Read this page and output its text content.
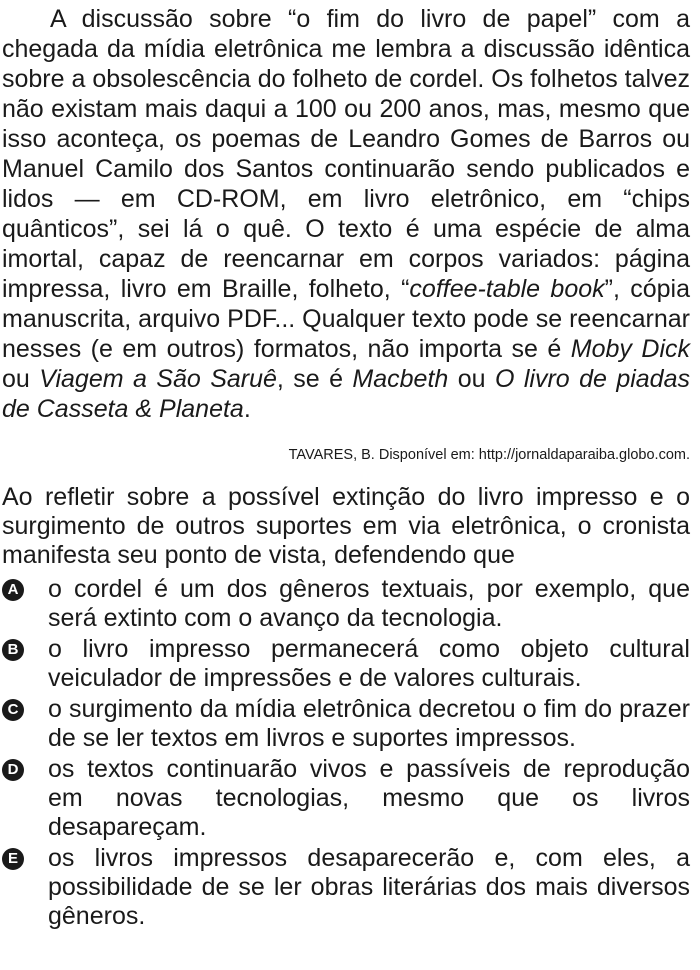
A discussão sobre “o fim do livro de papel” com a chegada da mídia eletrônica me lembra a discussão idêntica sobre a obsolescência do folheto de cordel. Os folhetos talvez não existam mais daqui a 100 ou 200 anos, mas, mesmo que isso aconteça, os poemas de Leandro Gomes de Barros ou Manuel Camilo dos Santos continuarão sendo publicados e lidos — em CD-ROM, em livro eletrônico, em “chips quânticos”, sei lá o quê. O texto é uma espécie de alma imortal, capaz de reencarnar em corpos variados: página impressa, livro em Braille, folheto, “coffee-table book”, cópia manuscrita, arquivo PDF... Qualquer texto pode se reencarnar nesses (e em outros) formatos, não importa se é Moby Dick ou Viagem a São Saruê, se é Macbeth ou O livro de piadas de Casseta & Planeta.

TAVARES, B. Disponível em: http://jornaldaparaiba.globo.com.

Ao refletir sobre a possível extinção do livro impresso e o surgimento de outros suportes em via eletrônica, o cronista manifesta seu ponto de vista, defendendo que

A o cordel é um dos gêneros textuais, por exemplo, que será extinto com o avanço da tecnologia.
B o livro impresso permanecerá como objeto cultural veiculador de impressões e de valores culturais.
C o surgimento da mídia eletrônica decretou o fim do prazer de se ler textos em livros e suportes impressos.
D os textos continuarão vivos e passíveis de reprodução em novas tecnologias, mesmo que os livros desapareçam.
E os livros impressos desaparecerão e, com eles, a possibilidade de se ler obras literárias dos mais diversos gêneros.
